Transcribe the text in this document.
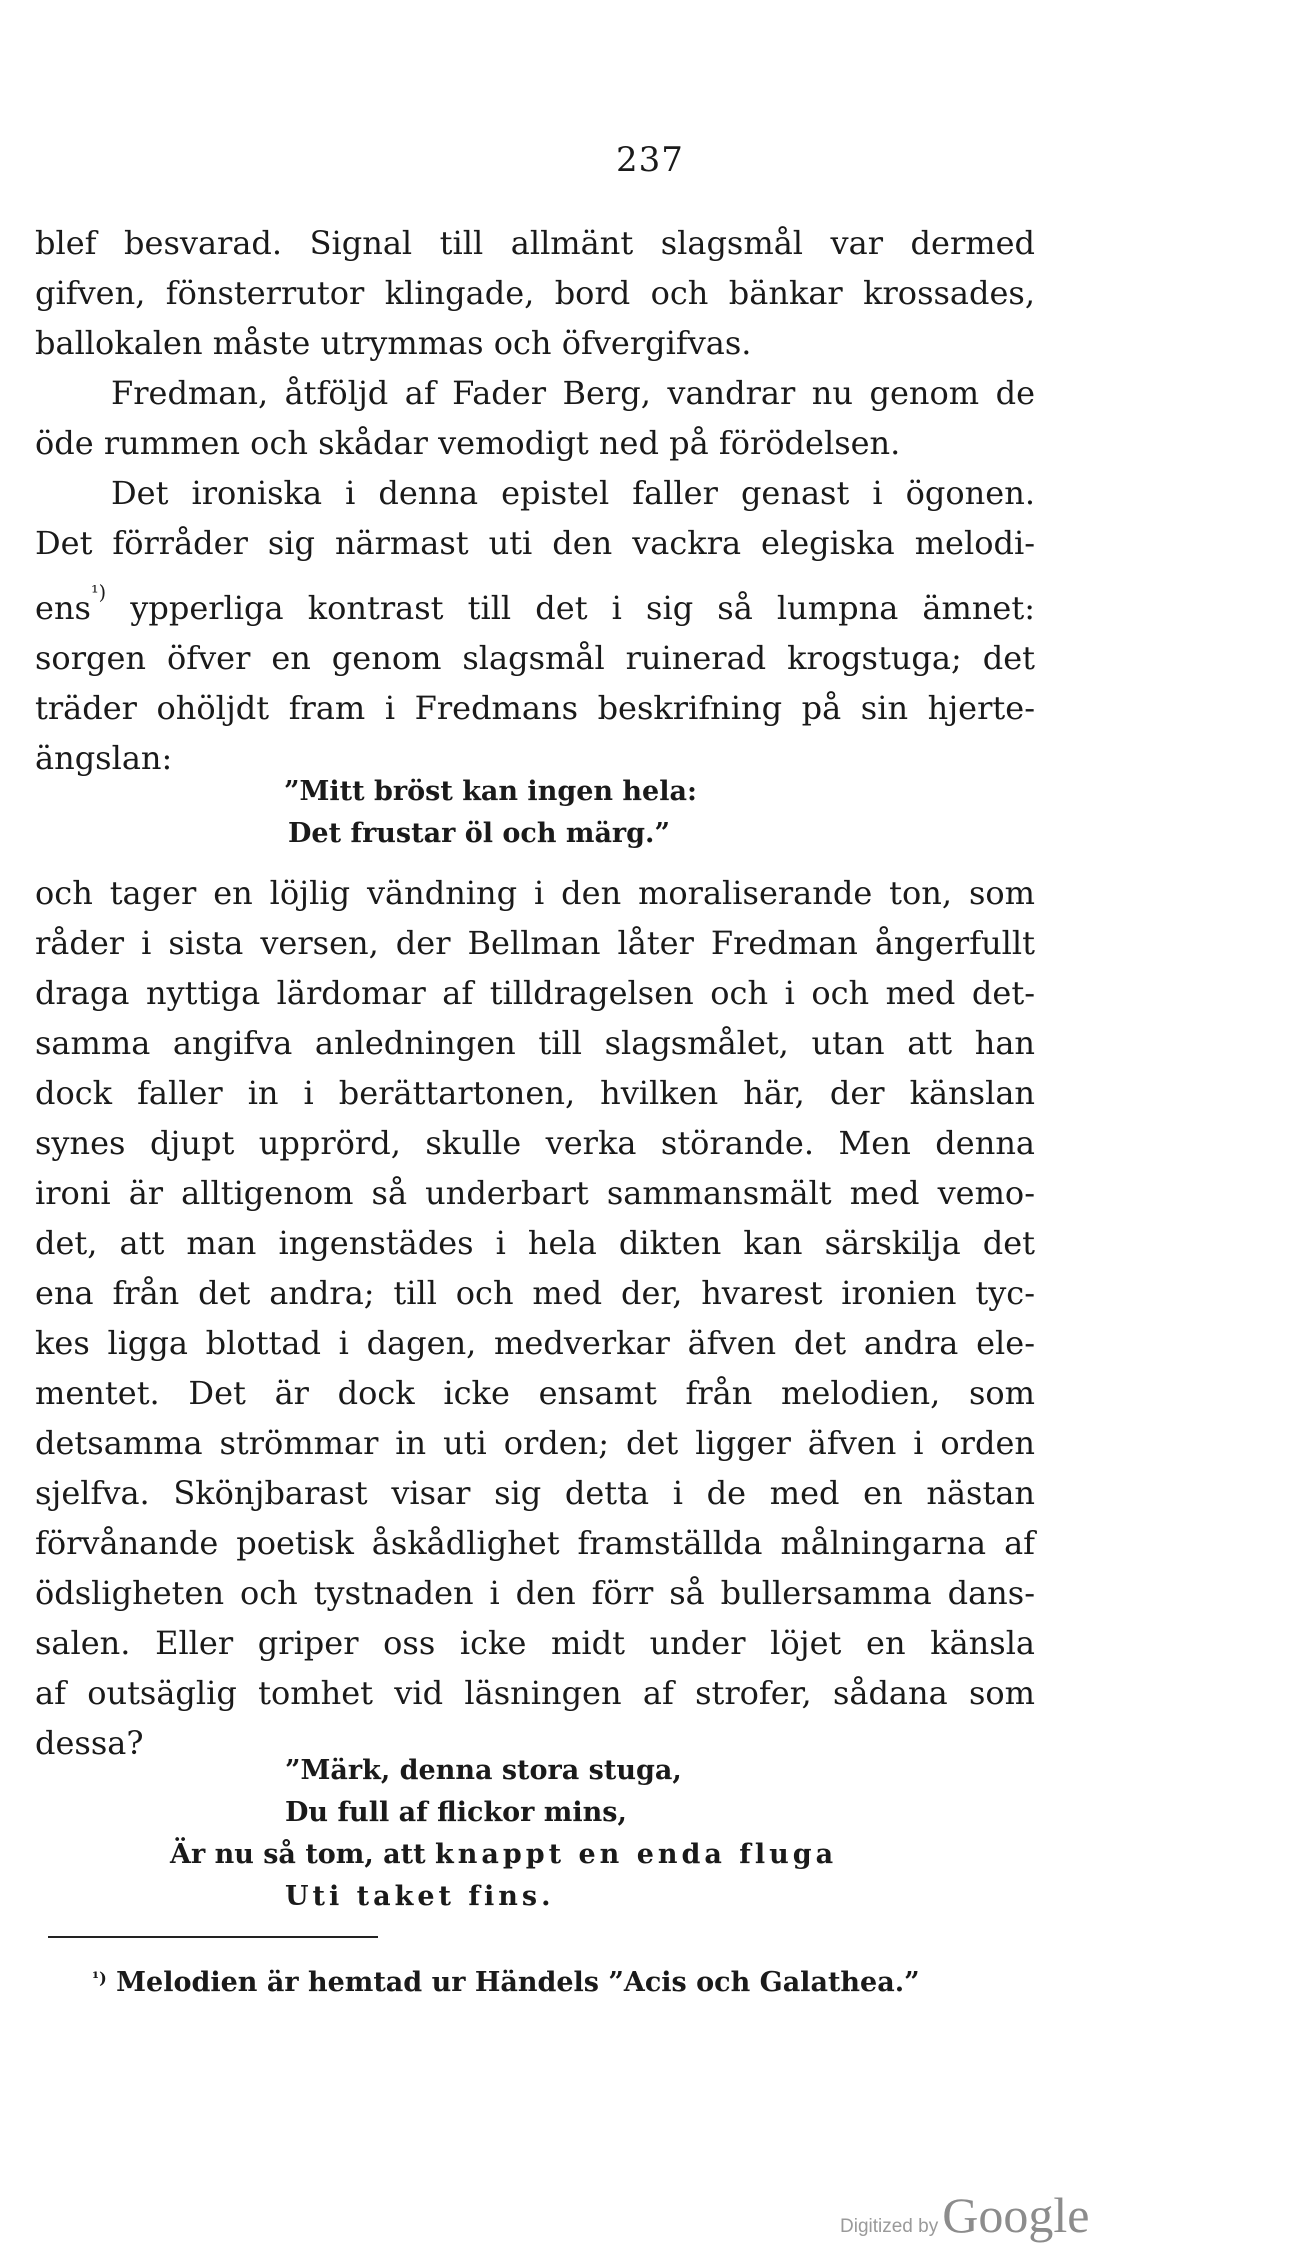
237
blef besvarad. Signal till allmänt slagsmål var dermed
gifven, fönsterrutor klingade, bord och bänkar krossades,
ballokalen måste utrymmas och öfvergifvas.
Fredman, åtföljd af Fader Berg, vandrar nu genom de
öde rummen och skådar vemodigt ned på förödelsen.
Det ironiska i denna epistel faller genast i ögonen.
Det förråder sig närmast uti den vackra elegiska melodi-
ens$^{^1)}$ ypperliga kontrast till det i sig så lumpna ämnet:
sorgen öfver en genom slagsmål ruinerad krogstuga; det
träder ohöljdt fram i Fredmans beskrifning på sin hjerte-
ängslan:
”Mitt bröst kan ingen hela:
Det frustar öl och märg.”
och tager en löjlig vändning i den moraliserande ton, som
råder i sista versen, der Bellman låter Fredman ångerfullt
draga nyttiga lärdomar af tilldragelsen och i och med det-
samma angifva anledningen till slagsmålet, utan att han
dock faller in i berättartonen, hvilken här, der känslan
synes djupt upprörd, skulle verka störande. Men denna
ironi är alltigenom så underbart sammansmält med vemo-
det, att man ingenstädes i hela dikten kan särskilja det
ena från det andra; till och med der, hvarest ironien tyc-
kes ligga blottad i dagen, medverkar äfven det andra ele-
mentet. Det är dock icke ensamt från melodien, som
detsamma strömmar in uti orden; det ligger äfven i orden
sjelfva. Skönjbarast visar sig detta i de med en nästan
förvånande poetisk åskådlighet framställda målningarna af
ödsligheten och tystnaden i den förr så bullersamma dans-
salen. Eller griper oss icke midt under löjet en känsla
af outsäglig tomhet vid läsningen af strofer, sådana som
dessa?
”Märk, denna stora stuga,
Du full af flickor mins,
Är nu så tom, att knappt en enda fluga
Uti taket fins.
$^{^1)}$ Melodien är hemtad ur Händels ”Acis och Galathea.”
Digitized byGoogle
